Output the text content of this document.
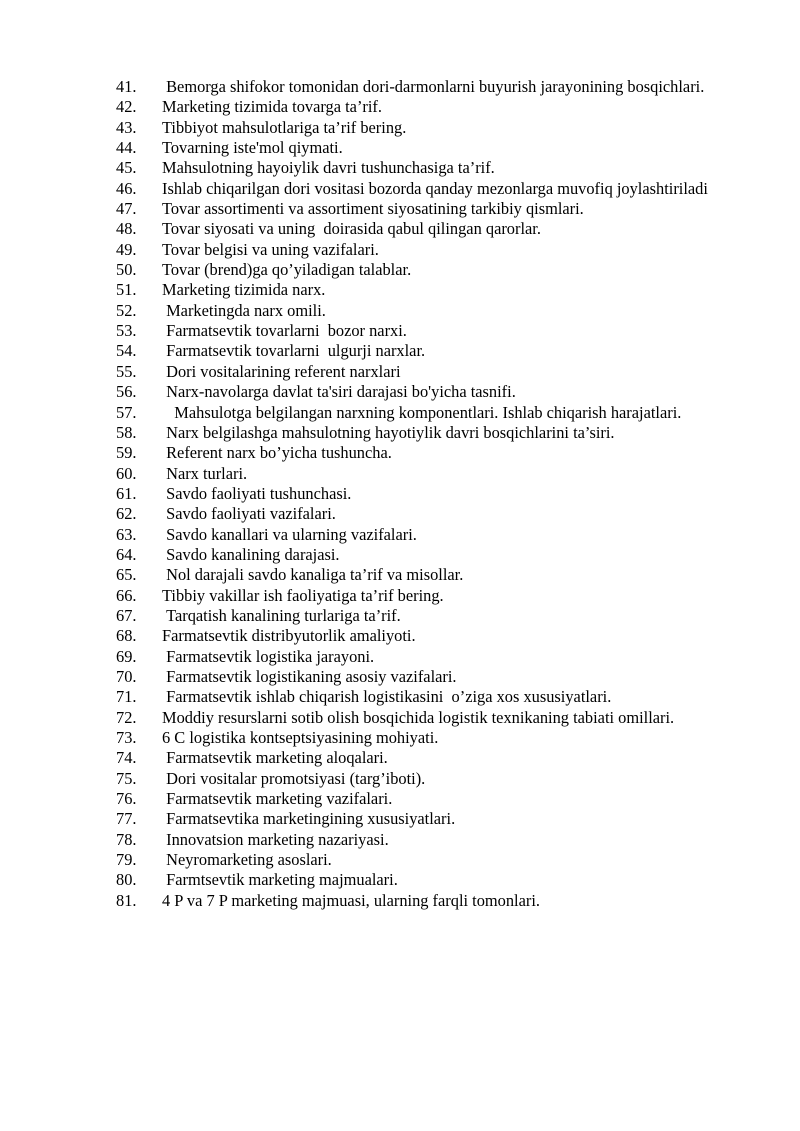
41.	Bemorga shifokor tomonidan dori-darmonlarni buyurish jarayonining bosqichlari.
42.	Marketing tizimida tovarga ta’rif.
43.	Tibbiyot mahsulotlariga ta’rif bering.
44.	Tovarning iste'mol qiymati.
45.	Mahsulotning hayoiylik davri tushunchasiga ta’rif.
46.	Ishlab chiqarilgan dori vositasi bozorda qanday mezonlarga muvofiq joylashtiriladi
47.	Tovar assortimenti va assortiment siyosatining tarkibiy qismlari.
48.	Tovar siyosati va uning  doirasida qabul qilingan qarorlar.
49.	Tovar belgisi va uning vazifalari.
50.	Tovar (brend)ga qo’yiladigan talablar.
51.	Marketing tizimida narx.
52.	Marketingda narx omili.
53.	Farmatsevtik tovarlarni  bozor narxi.
54.	Farmatsevtik tovarlarni  ulgurji narxlar.
55.	Dori vositalarining referent narxlari
56.	Narx-navolarga davlat ta'siri darajasi bo'yicha tasnifi.
57.	Mahsulotga belgilangan narxning komponentlari. Ishlab chiqarish harajatlari.
58.	Narx belgilashga mahsulotning hayotiylik davri bosqichlarini ta’siri.
59.	Referent narx bo’yicha tushuncha.
60.	Narx turlari.
61.	Savdo faoliyati tushunchasi.
62.	Savdo faoliyati vazifalari.
63.	Savdo kanallari va ularning vazifalari.
64.	Savdo kanalining darajasi.
65.	Nol darajali savdo kanaliga ta’rif va misollar.
66.	Tibbiy vakillar ish faoliyatiga ta’rif bering.
67.	Tarqatish kanalining turlariga ta’rif.
68.	Farmatsevtik distribyutorlik amaliyoti.
69.	Farmatsevtik logistika jarayoni.
70.	Farmatsevtik logistikaning asosiy vazifalari.
71.	Farmatsevtik ishlab chiqarish logistikasini  o’ziga xos xususiyatlari.
72.	Moddiy resurslarni sotib olish bosqichida logistik texnikaning tabiati omillari.
73.	6 C logistika kontseptsiyasining mohiyati.
74.	Farmatsevtik marketing aloqalari.
75.	Dori vositalar promotsiyasi (targ’iboti).
76.	Farmatsevtik marketing vazifalari.
77.	Farmatsevtika marketingining xususiyatlari.
78.	Innovatsion marketing nazariyasi.
79.	Neyromarketing asoslari.
80.	Farmtsevtik marketing majmualari.
81.	4 P va 7 P marketing majmuasi, ularning farqli tomonlari.
